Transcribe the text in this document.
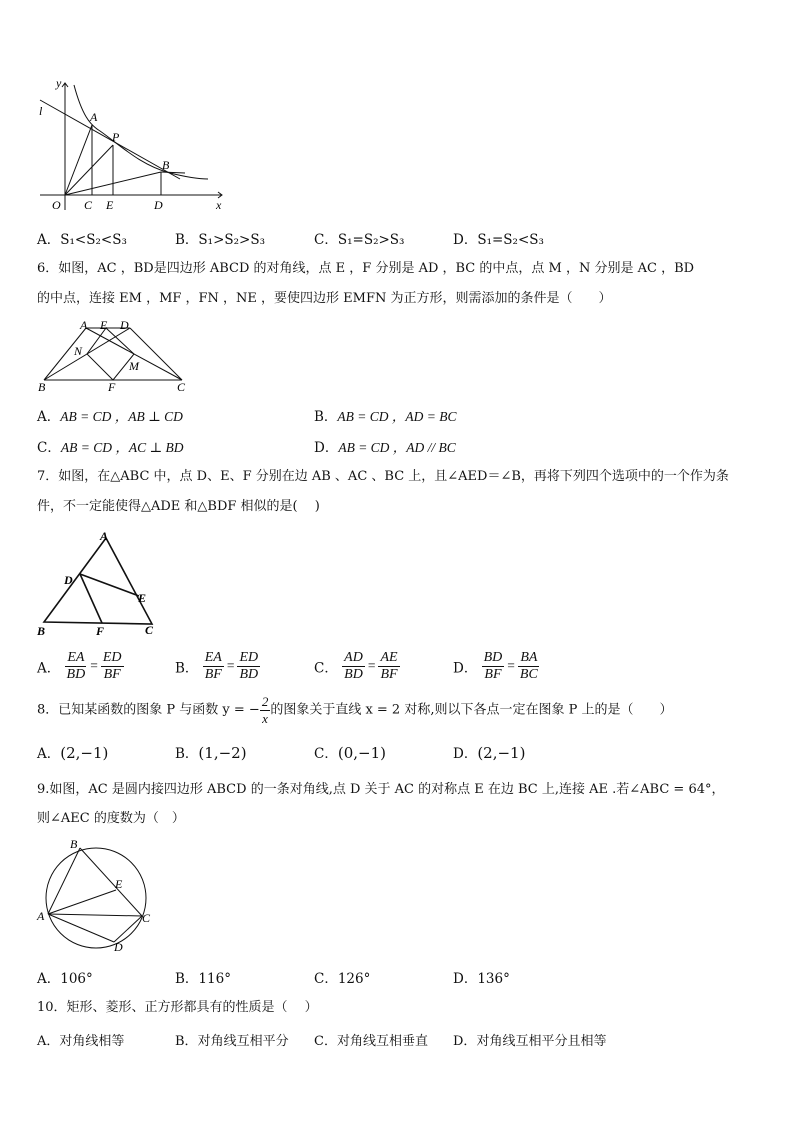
y
l	A
P
B
O C E	D	x
A．S₁<S₂<S₃	B．S₁>S₂>S₃	C．S₁=S₂>S₃	D．S₁=S₂<S₃
6．如图，AC ，BD是四边形 ABCD 的对角线，点 E ，F 分别是 AD ，BC 的中点，点 M ，N 分别是 AC ，BD
的中点，连接 EM ，MF ，FN ，NE ，要使四边形 EMFN 为正方形，则需添加的条件是（　　）
A E D
N
M
B	F	C
A．AB = CD ，AB ⊥ CD	B．AB = CD ，AD = BC
C．AB = CD ，AC ⊥ BD	D．AB = CD ，AD // BC
7．如图，在△ABC 中，点 D、E、F 分别在边 AB 、AC 、BC 上，且∠AED＝∠B，再将下列四个选项中的一个作为条
件，不一定能使得△ADE 和△BDF 相似的是(　 )
A
D
E
B	F	C
A． $\frac{EA}{BD} = \frac{ED}{BF}$	B． $\frac{EA}{BF} = \frac{ED}{BD}$	C． $\frac{AD}{BD} = \frac{AE}{BF}$	D． $\frac{BD}{BF} = \frac{BA}{BC}$
8．已知某函数的图象 P 与函数 y = − $\frac{2}{x}$ 的图象关于直线 x = 2 对称,则以下各点一定在图象 P 上的是（　　）
A．(2,−1)	B．(1,−2)	C．(0,−1)	D．(2,−1)
9.如图，AC 是圆内接四边形 ABCD 的一条对角线,点 D 关于 AC 的对称点 E 在边 BC 上,连接 AE .若∠ABC = 64°，
则∠AEC 的度数为（　）
B
E
A	C
D
A．106°	B．116°	C．126°	D．136°
10．矩形、菱形、正方形都具有的性质是（　 ）
A．对角线相等	B．对角线互相平分 C．对角线互相垂直 D．对角线互相平分且相等
